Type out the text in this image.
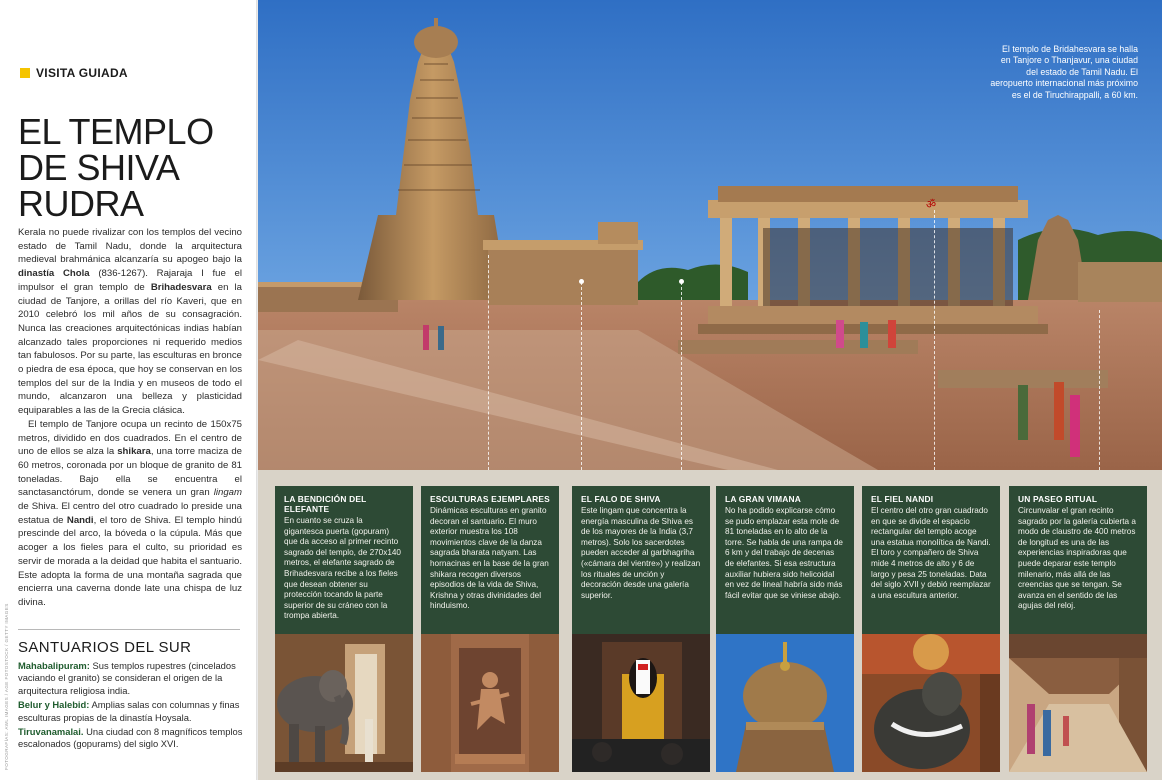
VISITA GUIADA
EL TEMPLO
DE SHIVA
RUDRA

Kerala no puede rivalizar con los templos del vecino estado de Tamil Nadu, donde la arquitectura medieval brahmánica alcanzaría su apogeo bajo la dinastía Chola (836-1267). Rajaraja I fue el impulsor el gran templo de Brihadesvara en la ciudad de Tanjore, a orillas del río Kaveri, que en 2010 celebró los mil años de su consagración. Nunca las creaciones arquitectónicas indias habían alcanzado tales proporciones ni requerido medios tan fabulosos. Por su parte, las esculturas en bronce o piedra de esa época, que hoy se conservan en los templos del sur de la India y en museos de todo el mundo, alcanzaron una belleza y plasticidad equiparables a las de la Grecia clásica.

El templo de Tanjore ocupa un recinto de 150x75 metros, dividido en dos cuadrados. En el centro de uno de ellos se alza la shikara, una torre maciza de 60 metros, coronada por un bloque de granito de 81 toneladas. Bajo ella se encuentra el sanctasanctórum, donde se venera un gran lingam de Shiva. El centro del otro cuadrado lo preside una estatua de Nandi, el toro de Shiva. El templo hindú prescinde del arco, la bóveda o la cúpula. Más que acoger a los fieles para el culto, su prioridad es servir de morada a la deidad que habita el santuario. Este adopta la forma de una montaña sagrada que encierra una caverna donde late una chispa de luz divina.

SANTUARIOS DEL SUR
Mahabalipuram: Sus templos rupestres (cincelados vaciando el granito) se consideran el origen de la arquitectura religiosa india.
Belur y Halebid: Amplias salas con columnas y finas esculturas propias de la dinastía Hoysala.
Tiruvanamalai. Una ciudad con 8 magníficos templos escalonados (gopurams) del siglo XVI.
FOTOGRAFÍAS: AWL IMAGES / AGE FOTOSTOCK / GETTY IMAGES
ॐ
El templo de Bridahesvara se halla en Tanjore o Thanjavur, una ciudad del estado de Tamil Nadu. El aeropuerto internacional más próximo es el de Tiruchirappalli, a 60 km.
LA BENDICIÓN DEL ELEFANTE

En cuanto se cruza la gigantesca puerta (gopuram) que da acceso al primer recinto sagrado del templo, de 270x140 metros, el elefante sagrado de Brihadesvara recibe a los fieles que desean obtener su protección tocando la parte superior de su cráneo con la trompa abierta.

ESCULTURAS EJEMPLARES

Dinámicas esculturas en granito decoran el santuario. El muro exterior muestra los 108 movimientos clave de la danza sagrada bharata natyam. Las hornacinas en la base de la gran shikara recogen diversos episodios de la vida de Shiva, Krishna y otras divinidades del hinduismo.

EL FALO DE SHIVA

Este lingam que concentra la energía masculina de Shiva es de los mayores de la India (3,7 metros). Solo los sacerdotes pueden acceder al garbhagriha («cámara del vientre») y realizan los rituales de unción y decoración desde una galería superior.

LA GRAN VIMANA

No ha podido explicarse cómo se pudo emplazar esta mole de 81 toneladas en lo alto de la torre. Se habla de una rampa de 6 km y del trabajo de decenas de elefantes. Si esa estructura auxiliar hubiera sido helicoidal en vez de lineal habría sido más fácil evitar que se viniese abajo.

EL FIEL NANDI

El centro del otro gran cuadrado en que se divide el espacio rectangular del templo acoge una estatua monolítica de Nandi. El toro y compañero de Shiva mide 4 metros de alto y 6 de largo y pesa 25 toneladas. Data del siglo XVII y debió reemplazar a una escultura anterior.

UN PASEO RITUAL

Circunvalar el gran recinto sagrado por la galería cubierta a modo de claustro de 400 metros de longitud es una de las experiencias inspiradoras que puede deparar este templo milenario, más allá de las creencias que se tengan. Se avanza en el sentido de las agujas del reloj.
